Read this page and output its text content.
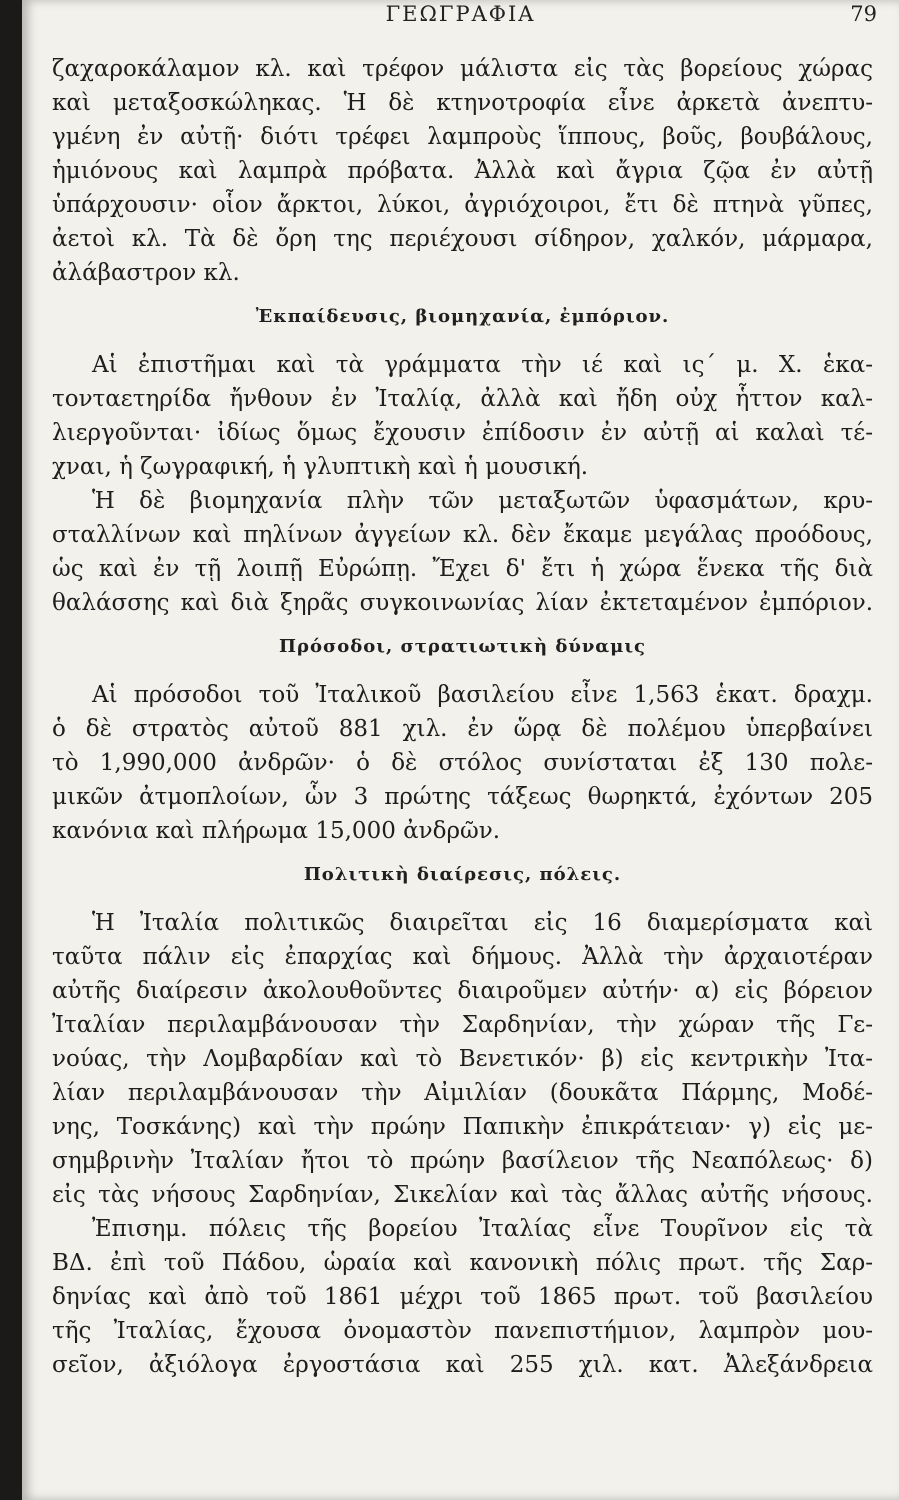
ΓΕΩΓΡΑΦΙΑ	79
ζαχαροκάλαμον κλ. καὶ τρέφον μάλιστα εἰς τὰς βορείους χώρας
καὶ μεταξοσκώληκας. Ἡ δὲ κτηνοτροφία εἶνε ἀρκετὰ ἀνεπτυ-
γμένη ἐν αὐτῇ· διότι τρέφει λαμπροὺς ἵππους, βοῦς, βουβάλους,
ἡμιόνους καὶ λαμπρὰ πρόβατα. Ἀλλὰ καὶ ἄγρια ζῷα ἐν αὐτῇ
ὑπάρχουσιν· οἷον ἄρκτοι, λύκοι, ἀγριόχοιροι, ἔτι δὲ πτηνὰ γῦπες,
ἀετοὶ κλ. Τὰ δὲ ὄρη της περιέχουσι σίδηρον, χαλκόν, μάρμαρα,
ἀλάβαστρον κλ.
Ἐκπαίδευσις, βιομηχανία, ἐμπόριον.
Αἱ ἐπιστῆμαι καὶ τὰ γράμματα τὴν ιέ καὶ ις΄ μ. Χ. ἑκα-
τονταετηρίδα ἤνθουν ἐν Ἰταλίᾳ, ἀλλὰ καὶ ἤδη οὐχ ἧττον καλ-
λιεργοῦνται· ἰδίως ὅμως ἔχουσιν ἐπίδοσιν ἐν αὐτῇ αἱ καλαὶ τέ-
χναι, ἡ ζωγραφική, ἡ γλυπτικὴ καὶ ἡ μουσική.
Ἡ δὲ βιομηχανία πλὴν τῶν μεταξωτῶν ὑφασμάτων, κρυ-
σταλλίνων καὶ πηλίνων ἀγγείων κλ. δὲν ἔκαμε μεγάλας προόδους,
ὡς καὶ ἐν τῇ λοιπῇ Εὐρώπῃ. Ἔχει δ' ἔτι ἡ χώρα ἕνεκα τῆς διὰ
θαλάσσης καὶ διὰ ξηρᾶς συγκοινωνίας λίαν ἐκτεταμένον ἐμπόριον.
Πρόσοδοι, στρατιωτικὴ δύναμις
Αἱ πρόσοδοι τοῦ Ἰταλικοῦ βασιλείου εἶνε 1,563 ἑκατ. δραχμ.
ὁ δὲ στρατὸς αὐτοῦ 881 χιλ. ἐν ὥρᾳ δὲ πολέμου ὑπερβαίνει
τὸ 1,990,000 ἀνδρῶν· ὁ δὲ στόλος συνίσταται ἐξ 130 πολε-
μικῶν ἀτμοπλοίων, ὧν 3 πρώτης τάξεως θωρηκτά, ἐχόντων 205
κανόνια καὶ πλήρωμα 15,000 ἀνδρῶν.
Πολιτικὴ διαίρεσις, πόλεις.
Ἡ Ἰταλία πολιτικῶς διαιρεῖται εἰς 16 διαμερίσματα καὶ
ταῦτα πάλιν εἰς ἐπαρχίας καὶ δήμους. Ἀλλὰ τὴν ἀρχαιοτέραν
αὐτῆς διαίρεσιν ἀκολουθοῦντες διαιροῦμεν αὐτήν· α) εἰς βόρειον
Ἰταλίαν περιλαμβάνουσαν τὴν Σαρδηνίαν, τὴν χώραν τῆς Γε-
νούας, τὴν Λομβαρδίαν καὶ τὸ Βενετικόν· β) εἰς κεντρικὴν Ἰτα-
λίαν περιλαμβάνουσαν τὴν Αἰμιλίαν (δουκᾶτα Πάρμης, Μοδέ-
νης, Τοσκάνης) καὶ τὴν πρώην Παπικὴν ἐπικράτειαν· γ) εἰς με-
σημβρινὴν Ἰταλίαν ἤτοι τὸ πρώην βασίλειον τῆς Νεαπόλεως· δ)
εἰς τὰς νήσους Σαρδηνίαν, Σικελίαν καὶ τὰς ἄλλας αὐτῆς νήσους.
Ἐπισημ. πόλεις τῆς βορείου Ἰταλίας εἶνε Τουρῖνον εἰς τὰ
ΒΔ. ἐπὶ τοῦ Πάδου, ὡραία καὶ κανονικὴ πόλις πρωτ. τῆς Σαρ-
δηνίας καὶ ἀπὸ τοῦ 1861 μέχρι τοῦ 1865 πρωτ. τοῦ βασιλείου
τῆς Ἰταλίας, ἔχουσα ὀνομαστὸν πανεπιστήμιον, λαμπρὸν μου-
σεῖον, ἀξιόλογα ἐργοστάσια καὶ 255 χιλ. κατ. Ἀλεξάνδρεια
